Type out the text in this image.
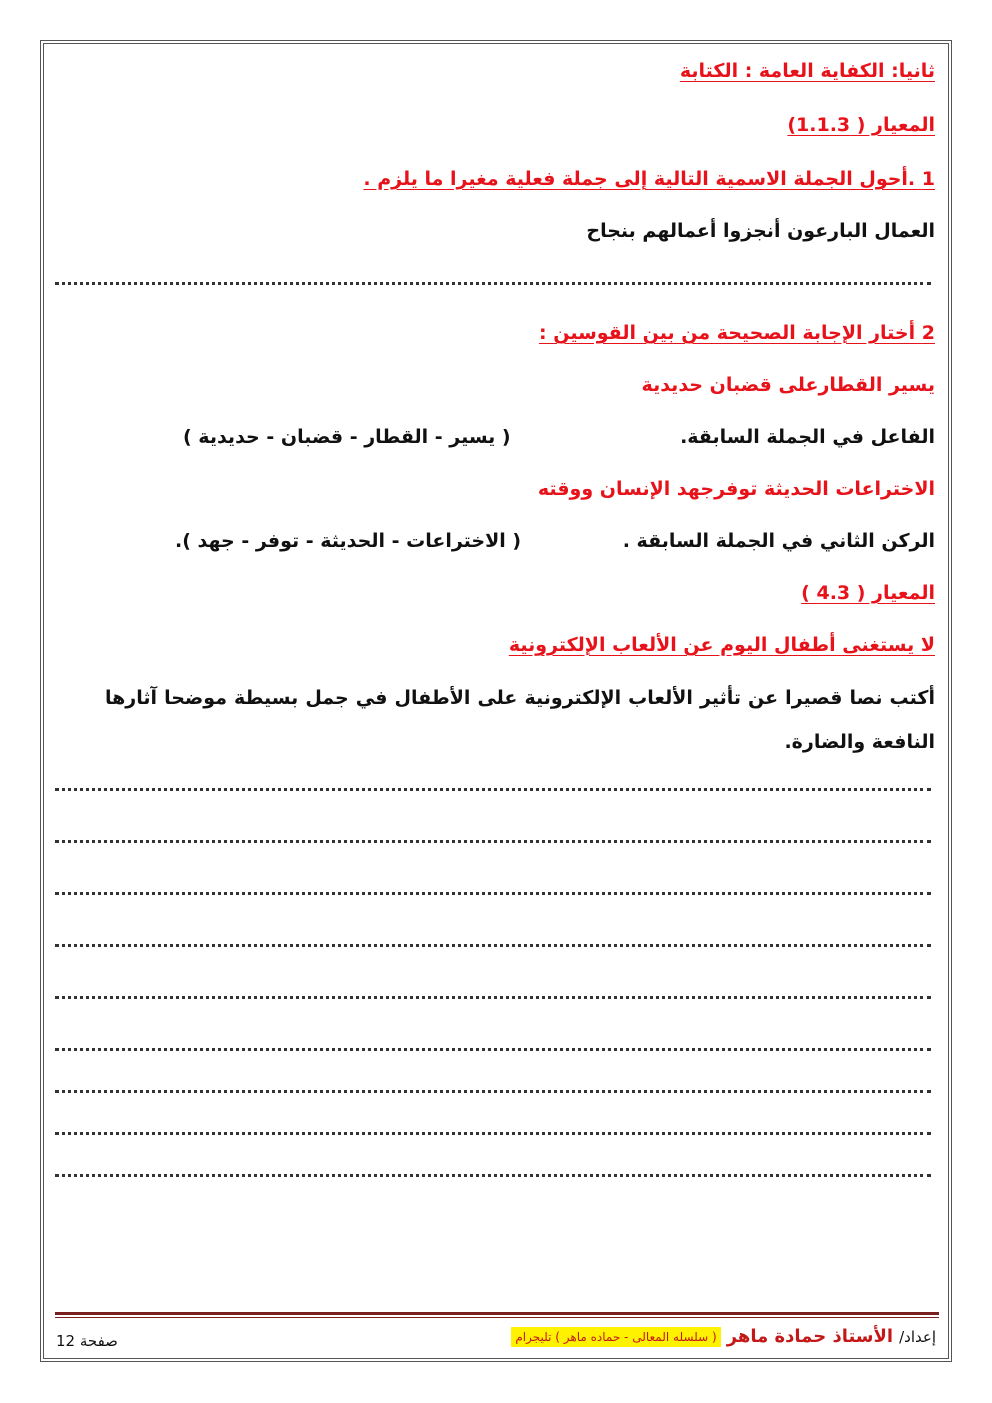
ثانيا: الكفاية العامة : الكتابة
المعيار ( 1.1.3)
1 .أحول الجملة الاسمية التالية إلى جملة فعلية مغيرا ما يلزم .
العمال البارعون أنجزوا أعمالهم بنجاح
2 أختار الإجابة الصحيحة من بين القوسين :
يسير القطارعلى قضبان حديدية
الفاعل في الجملة السابقة.
( يسير - القطار - قضبان - حديدية )
الاختراعات الحديثة توفرجهد الإنسان ووقته
الركن الثاني في الجملة السابقة .
( الاختراعات - الحديثة - توفر - جهد ).
المعيار ( 4.3 )
لا يستغنى أطفال اليوم عن الألعاب الإلكترونية
أكتب نصا قصيرا عن تأثير الألعاب الإلكترونية على الأطفال في جمل بسيطة موضحا آثارها النافعة والضارة.
إعداد/
الأستاذ حمادة ماهر
( سلسله المعالى - حماده ماهر ) تليجرام
صفحة 12
